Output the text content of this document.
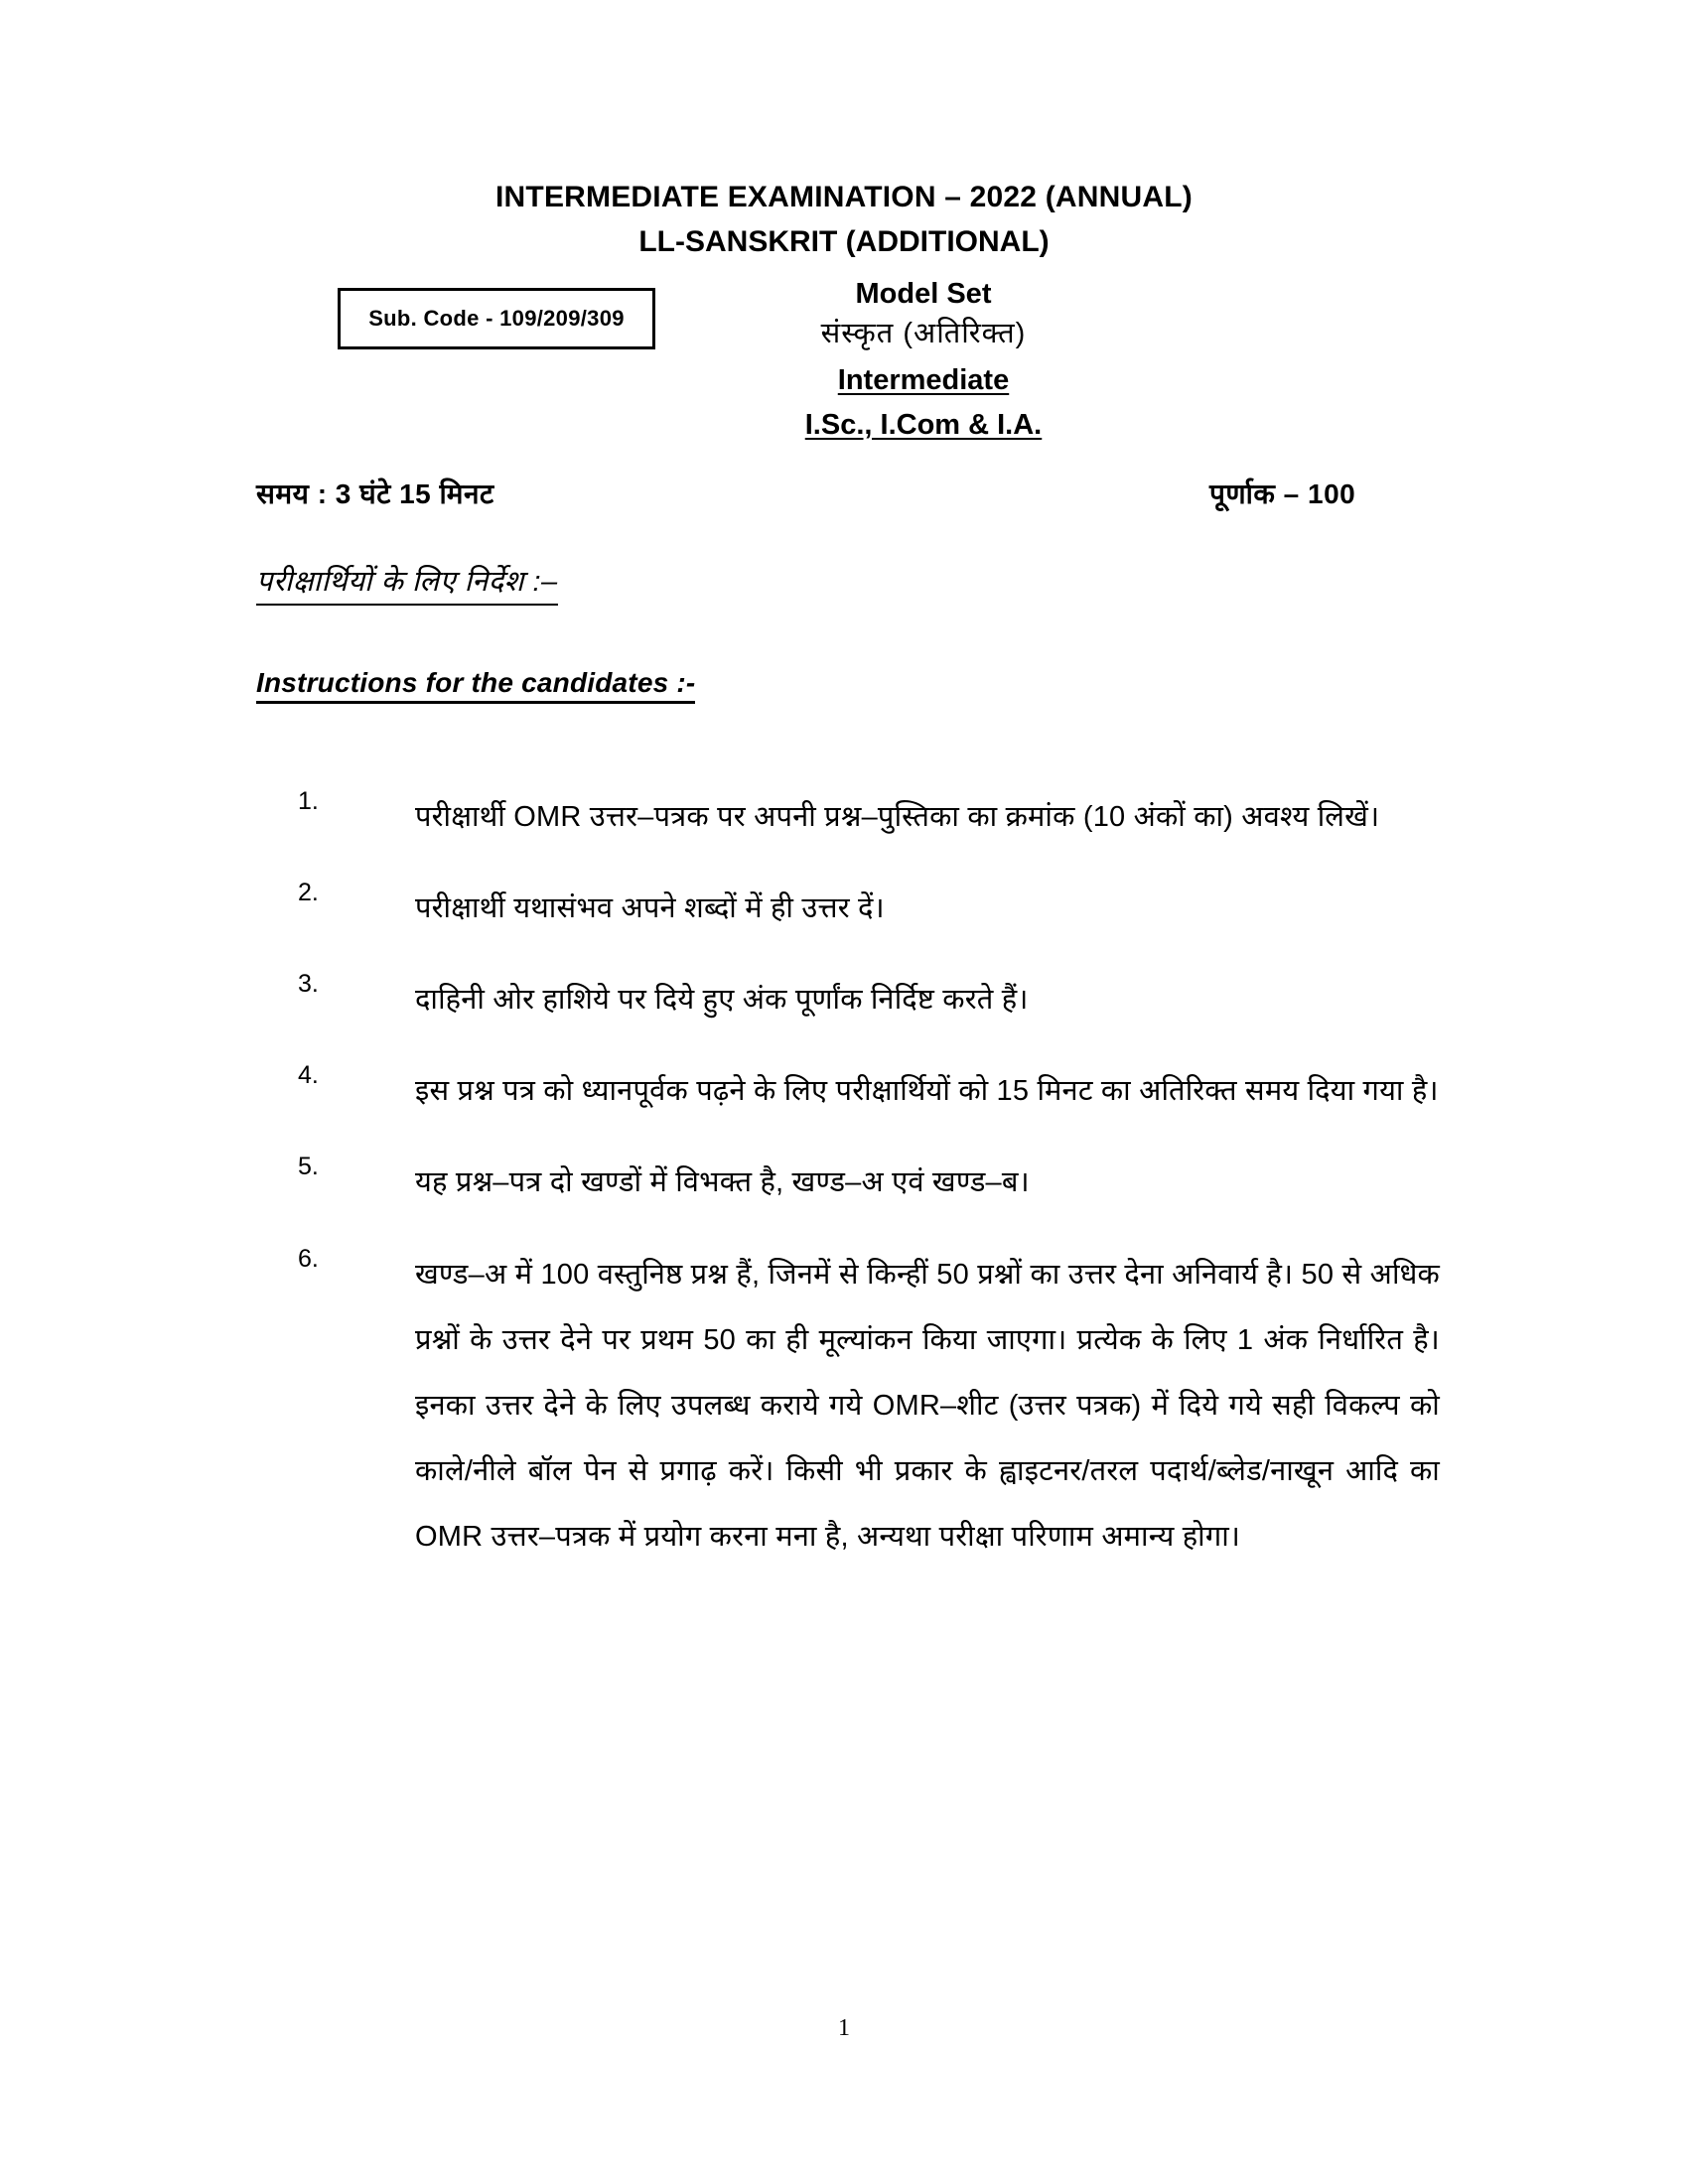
INTERMEDIATE EXAMINATION – 2022 (ANNUAL)
LL-SANSKRIT (ADDITIONAL)
Sub. Code - 109/209/309
Model Set
संस्कृत (अतिरिक्त)
Intermediate
I.Sc., I.Com & I.A.
समय : 3 घंटे 15 मिनट	पूर्णाक – 100
परीक्षार्थियों के लिए निर्देश :–
Instructions for the candidates :-
1.	परीक्षार्थी OMR उत्तर–पत्रक पर अपनी प्रश्न–पुस्तिका का क्रमांक (10 अंकों का) अवश्य लिखें।
2.	परीक्षार्थी यथासंभव अपने शब्दों में ही उत्तर दें।
3.	दाहिनी ओर हाशिये पर दिये हुए अंक पूर्णांक निर्दिष्ट करते हैं।
4.	इस प्रश्न पत्र को ध्यानपूर्वक पढ़ने के लिए परीक्षार्थियों को 15 मिनट का अतिरिक्त समय दिया गया है।
5.	यह प्रश्न–पत्र दो खण्डों में विभक्त है, खण्ड–अ एवं खण्ड–ब।
6.	खण्ड–अ में 100 वस्तुनिष्ठ प्रश्न हैं, जिनमें से किन्हीं 50 प्रश्नों का उत्तर देना अनिवार्य है। 50 से अधिक प्रश्नों के उत्तर देने पर प्रथम 50 का ही मूल्यांकन किया जाएगा। प्रत्येक के लिए 1 अंक निर्धारित है। इनका उत्तर देने के लिए उपलब्ध कराये गये OMR–शीट (उत्तर पत्रक) में दिये गये सही विकल्प को काले/नीले बॉल पेन से प्रगाढ़ करें। किसी भी प्रकार के ह्वाइटनर/तरल पदार्थ/ब्लेड/नाखून आदि का OMR उत्तर–पत्रक में प्रयोग करना मना है, अन्यथा परीक्षा परिणाम अमान्य होगा।
1
